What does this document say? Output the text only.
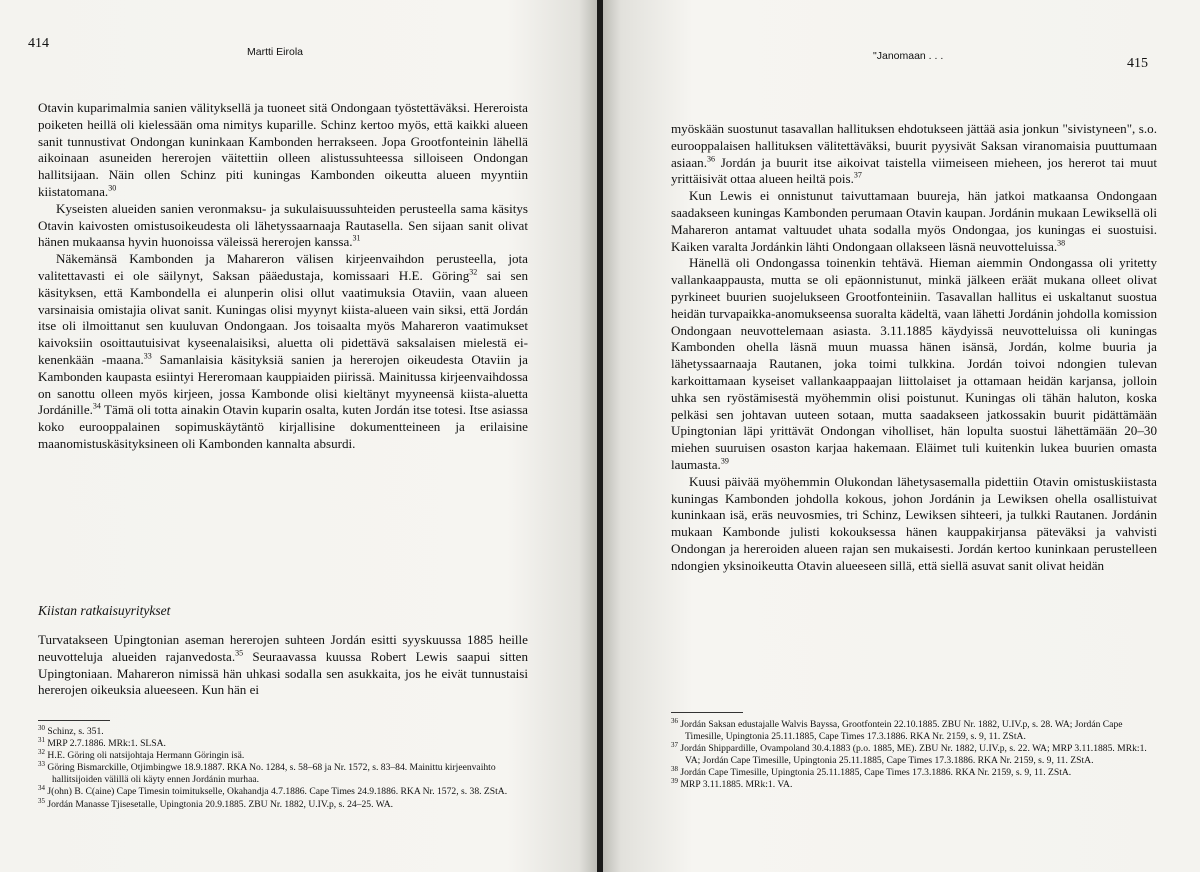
414
Martti Eirola

Otavin kuparimalmia sanien välityksellä ja tuoneet sitä Ondongaan työstettäväksi. Hereroista poiketen heillä oli kielessään oma nimitys kuparille. Schinz kertoo myös, että kaikki alueen sanit tunnustivat Ondongan kuninkaan Kambonden herrakseen. Jopa Grootfonteinin lähellä aikoinaan asuneiden hererojen väitettiin olleen alistussuhteessa silloiseen Ondongan hallitsijaan. Näin ollen Schinz piti kuningas Kambonden oikeutta alueen myyntiin kiistatomana.$^{30}$

Kyseisten alueiden sanien veronmaksu- ja sukulaisuussuhteiden perusteella sama käsitys Otavin kaivosten omistusoikeudesta oli lähetyssaarnaaja Rautasella. Sen sijaan sanit olivat hänen mukaansa hyvin huonoissa väleissä hererojen kanssa.$^{31}$

Näkemänsä Kambonden ja Mahareron välisen kirjeenvaihdon perusteella, jota valitettavasti ei ole säilynyt, Saksan pääedustaja, komissaari H.E. Göring$^{32}$ sai sen käsityksen, että Kambondella ei alunperin olisi ollut vaatimuksia Otaviin, vaan alueen varsinaisia omistajia olivat sanit. Kuningas olisi myynyt kiista-alueen vain siksi, että Jordán itse oli ilmoittanut sen kuuluvan Ondongaan. Jos toisaalta myös Mahareron vaatimukset kaivoksiin osoittautuisivat kyseenalaisiksi, aluetta oli pidettävä saksalaisen mielestä ei-kenenkään -maana.$^{33}$ Samanlaisia käsityksiä sanien ja hererojen oikeudesta Otaviin ja Kambonden kaupasta esiintyi Hereromaan kauppiaiden piirissä. Mainitussa kirjeenvaihdossa on sanottu olleen myös kirjeen, jossa Kambonde olisi kieltänyt myyneensä kiista-aluetta Jordánille.$^{34}$ Tämä oli totta ainakin Otavin kuparin osalta, kuten Jordán itse totesi. Itse asiassa koko eurooppalainen sopimuskäytäntö kirjallisine dokumentteineen ja erilaisine maanomistuskäsityksineen oli Kambonden kannalta absurdi.

Kiistan ratkaisuyritykset

Turvatakseen Upingtonian aseman hererojen suhteen Jordán esitti syyskuussa 1885 heille neuvotteluja alueiden rajanvedosta.$^{35}$ Seuraavassa kuussa Robert Lewis saapui sitten Upingtoniaan. Mahareron nimissä hän uhkasi sodalla sen asukkaita, jos he eivät tunnustaisi hererojen oikeuksia alueeseen. Kun hän ei

$^{30}$ Schinz, s. 351.
$^{31}$ MRP 2.7.1886. MRk:1. SLSA.
$^{32}$ H.E. Göring oli natsijohtaja Hermann Göringin isä.
$^{33}$ Göring Bismarckille, Otjimbingwe 18.9.1887. RKA No. 1284, s. 58–68 ja Nr. 1572, s. 83–84. Mainittu kirjeenvaihto hallitsijoiden välillä oli käyty ennen Jordánin murhaa.
$^{34}$ J(ohn) B. C(aine) Cape Timesin toimitukselle, Okahandja 4.7.1886. Cape Times 24.9.1886. RKA Nr. 1572, s. 38. ZStA.
$^{35}$ Jordán Manasse Tjisesetalle, Upingtonia 20.9.1885. ZBU Nr. 1882, U.IV.p, s. 24–25. WA.
"Janomaan . . .	415

myöskään suostunut tasavallan hallituksen ehdotukseen jättää asia jonkun "sivistyneen", s.o. eurooppalaisen hallituksen välitettäväksi, buurit pyysivät Saksan viranomaisia puuttumaan asiaan.$^{36}$ Jordán ja buurit itse aikoivat taistella viimeiseen mieheen, jos hererot tai muut yrittäisivät ottaa alueen heiltä pois.$^{37}$

Kun Lewis ei onnistunut taivuttamaan buureja, hän jatkoi matkaansa Ondongaan saadakseen kuningas Kambonden perumaan Otavin kaupan. Jordánin mukaan Lewiksellä oli Mahareron antamat valtuudet uhata sodalla myös Ondongaa, jos kuningas ei suostuisi. Kaiken varalta Jordánkin lähti Ondongaan ollakseen läsnä neuvotteluissa.$^{38}$

Hänellä oli Ondongassa toinenkin tehtävä. Hieman aiemmin Ondongassa oli yritetty vallankaappausta, mutta se oli epäonnistunut, minkä jälkeen eräät mukana olleet olivat pyrkineet buurien suojelukseen Grootfonteiniin. Tasavallan hallitus ei uskaltanut suostua heidän turvapaikka-anomukseensa suoralta kädeltä, vaan lähetti Jordánin johdolla komission Ondongaan neuvottelemaan asiasta. 3.11.1885 käydyissä neuvotteluissa oli kuningas Kambonden ohella läsnä muun muassa hänen isänsä, Jordán, kolme buuria ja lähetyssaarnaaja Rautanen, joka toimi tulkkina. Jordán toivoi ndongien tulevan karkoittamaan kyseiset vallankaappaajan liittolaiset ja ottamaan heidän karjansa, jolloin uhka sen ryöstämisestä myöhemmin olisi poistunut. Kuningas oli tähän haluton, koska pelkäsi sen johtavan uuteen sotaan, mutta saadakseen jatkossakin buurit pidättämään Upingtonian läpi yrittävät Ondongan viholliset, hän lopulta suostui lähettämään 20–30 miehen suuruisen osaston karjaa hakemaan. Eläimet tuli kuitenkin lukea buurien omasta laumasta.$^{39}$

Kuusi päivää myöhemmin Olukondan lähetysasemalla pidettiin Otavin omistuskiistasta kuningas Kambonden johdolla kokous, johon Jordánin ja Lewiksen ohella osallistuivat kuninkaan isä, eräs neuvosmies, tri Schinz, Lewiksen sihteeri, ja tulkki Rautanen. Jordánin mukaan Kambonde julisti kokouksessa hänen kauppakirjansa päteväksi ja vahvisti Ondongan ja hereroiden alueen rajan sen mukaisesti. Jordán kertoo kuninkaan perustelleen ndongien yksinoikeutta Otavin alueeseen sillä, että siellä asuvat sanit olivat heidän

$^{36}$ Jordán Saksan edustajalle Walvis Bayssa, Grootfontein 22.10.1885. ZBU Nr. 1882, U.IV.p, s. 28. WA; Jordán Cape Timesille, Upingtonia 25.11.1885, Cape Times 17.3.1886. RKA Nr. 2159, s. 9, 11. ZStA.
$^{37}$ Jordán Shippardille, Ovampoland 30.4.1883 (p.o. 1885, ME). ZBU Nr. 1882, U.IV.p, s. 22. WA; MRP 3.11.1885. MRk:1. VA; Jordán Cape Timesille, Upingtonia 25.11.1885, Cape Times 17.3.1886. RKA Nr. 2159, s. 9, 11. ZStA.
$^{38}$ Jordán Cape Timesille, Upingtonia 25.11.1885, Cape Times 17.3.1886. RKA Nr. 2159, s. 9, 11. ZStA.
$^{39}$ MRP 3.11.1885. MRk:1. VA.
